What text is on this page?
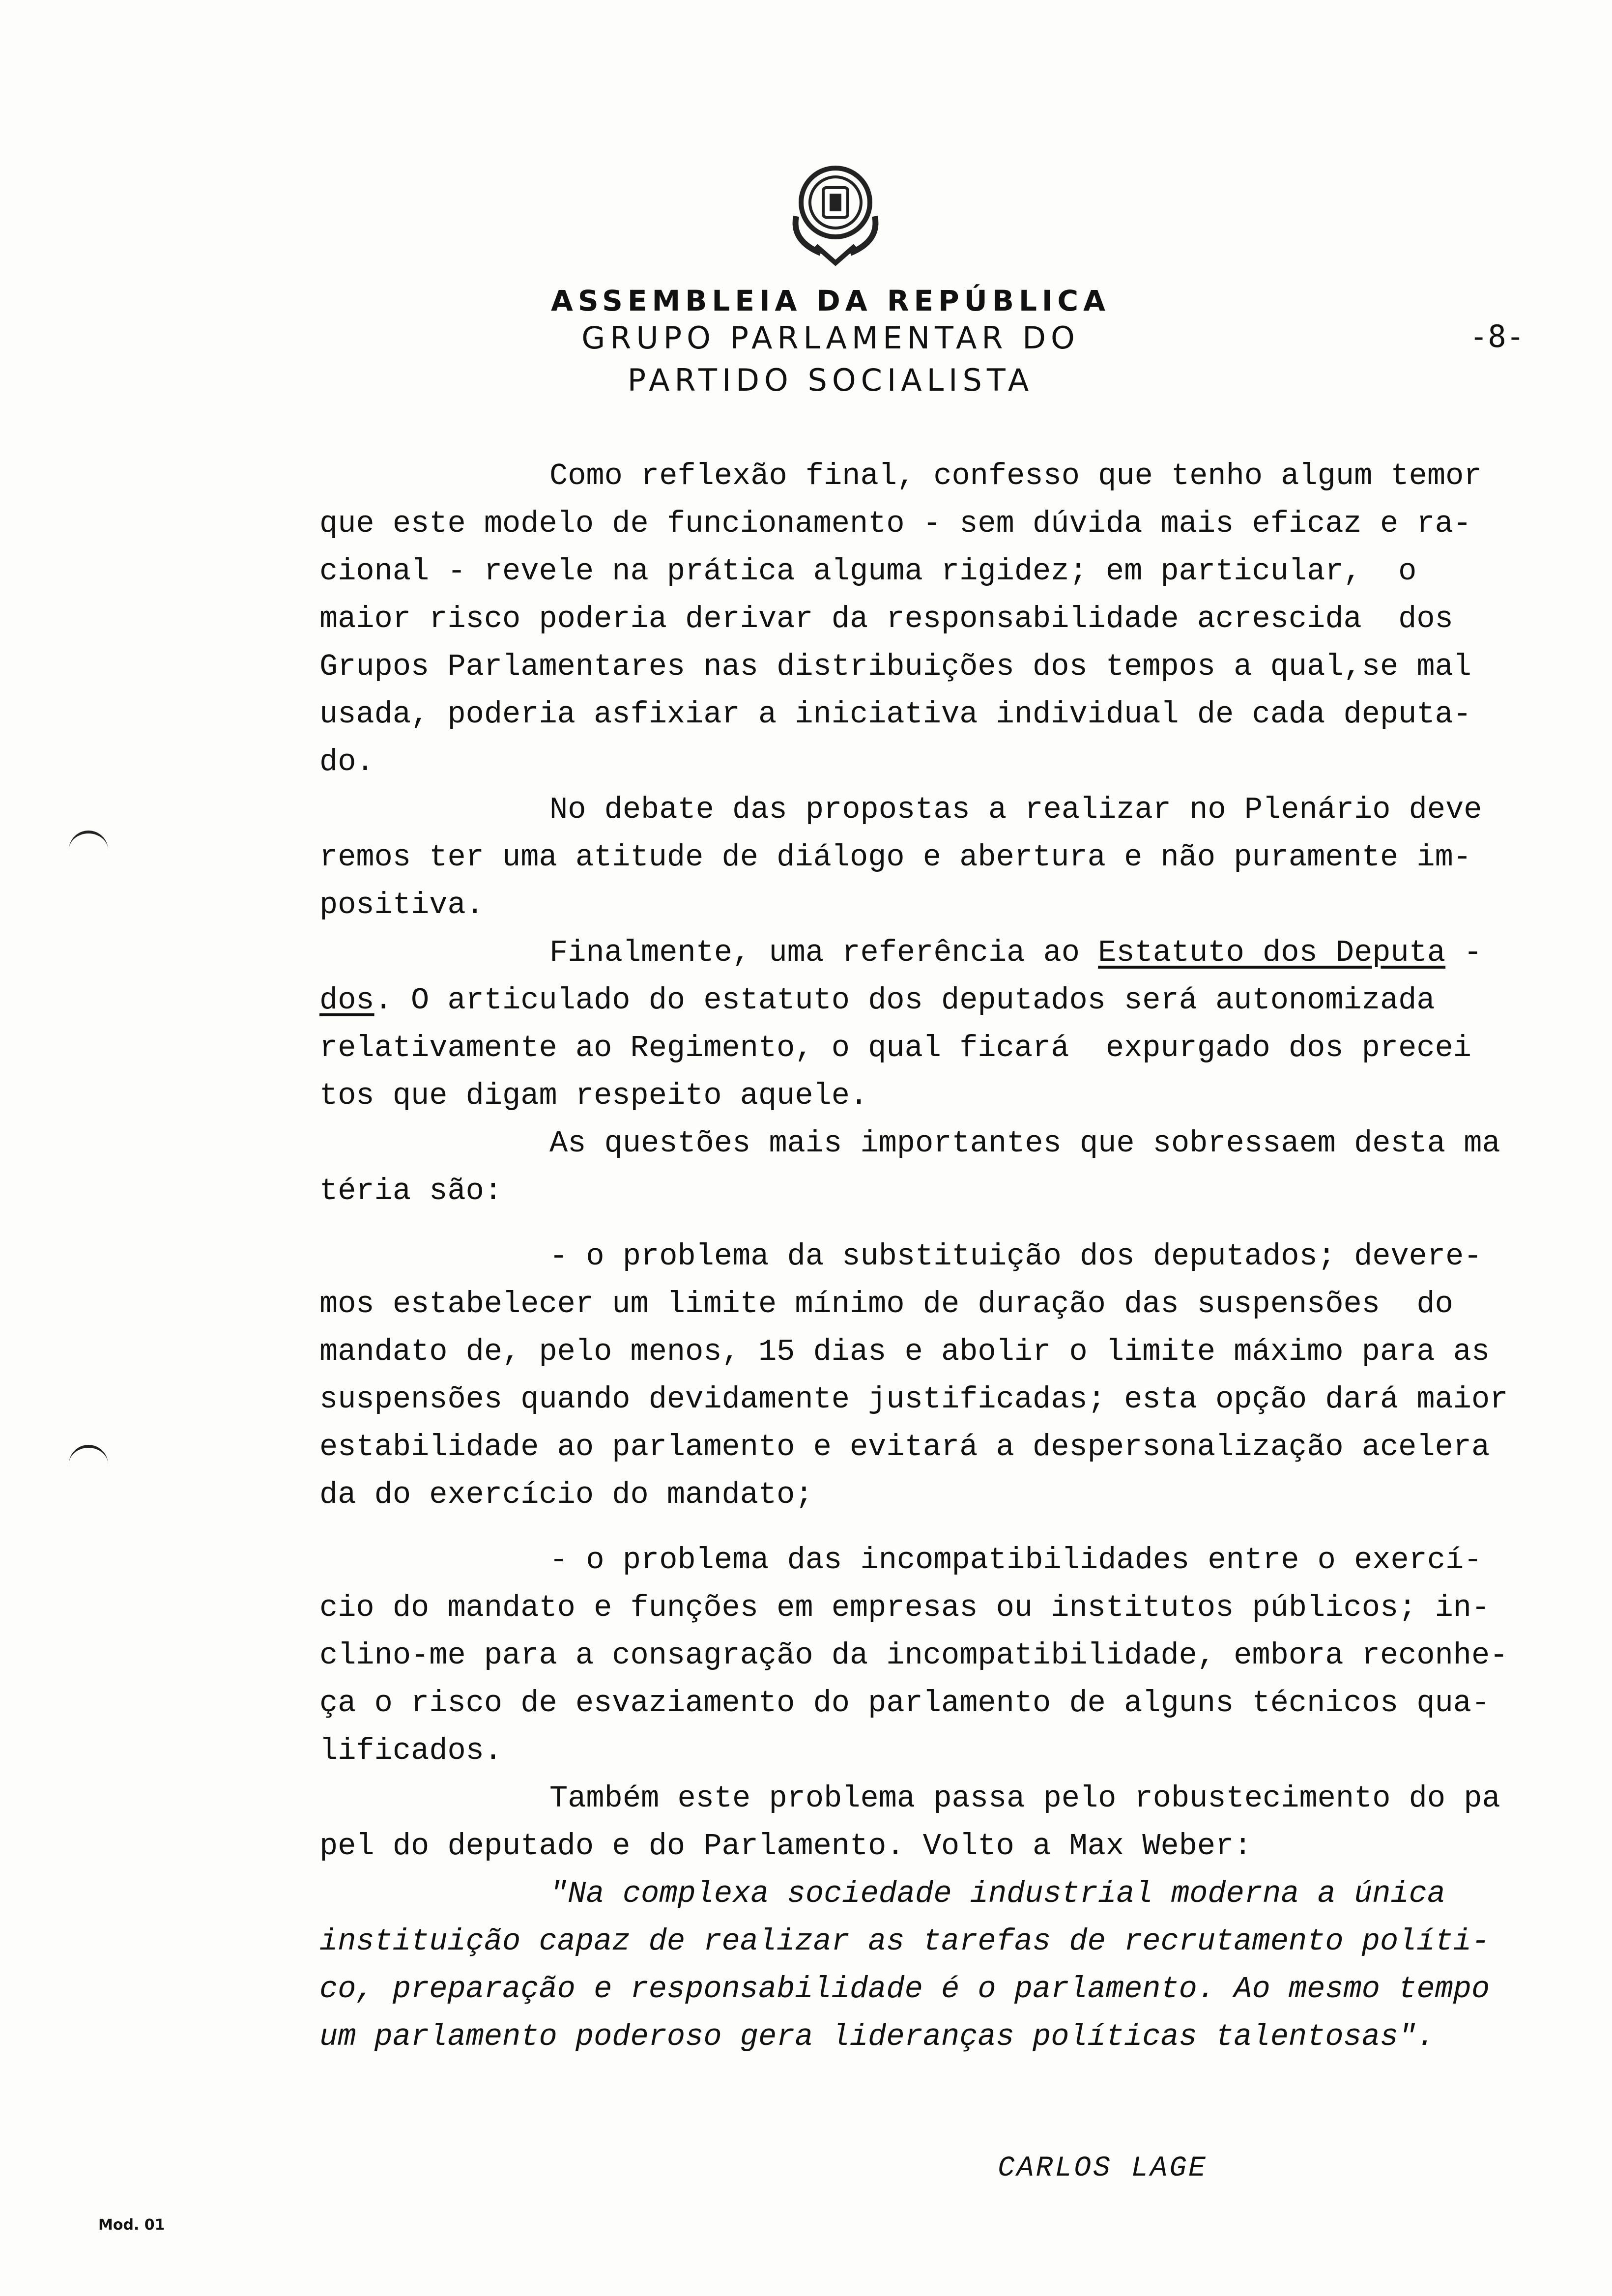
ASSEMBLEIA DA REPÚBLICA
GRUPO PARLAMENTAR DO
PARTIDO SOCIALISTA
-8-
Como reflexão final, confesso que tenho algum temor
que este modelo de funcionamento - sem dúvida mais eficaz e ra-
cional - revele na prática alguma rigidez; em particular,  o
maior risco poderia derivar da responsabilidade acrescida  dos
Grupos Parlamentares nas distribuições dos tempos a qual,se mal
usada, poderia asfixiar a iniciativa individual de cada deputa-
do.
No debate das propostas a realizar no Plenário deve
remos ter uma atitude de diálogo e abertura e não puramente im-
positiva.
Finalmente, uma referência ao Estatuto dos Deputa -
dos. O articulado do estatuto dos deputados será autonomizada
relativamente ao Regimento, o qual ficará  expurgado dos precei
tos que digam respeito aquele.
As questões mais importantes que sobressaem desta ma
téria são:
- o problema da substituição dos deputados; devere-
mos estabelecer um limite mínimo de duração das suspensões  do
mandato de, pelo menos, 15 dias e abolir o limite máximo para as
suspensões quando devidamente justificadas; esta opção dará maior
estabilidade ao parlamento e evitará a despersonalização acelera
da do exercício do mandato;
- o problema das incompatibilidades entre o exercí-
cio do mandato e funções em empresas ou institutos públicos; in-
clino-me para a consagração da incompatibilidade, embora reconhe-
ça o risco de esvaziamento do parlamento de alguns técnicos qua-
lificados.
Também este problema passa pelo robustecimento do pa
pel do deputado e do Parlamento. Volto a Max Weber:
"Na complexa sociedade industrial moderna a única
instituição capaz de realizar as tarefas de recrutamento políti-
co, preparação e responsabilidade é o parlamento. Ao mesmo tempo
um parlamento poderoso gera lideranças políticas talentosas".
CARLOS LAGE
Mod. 01
